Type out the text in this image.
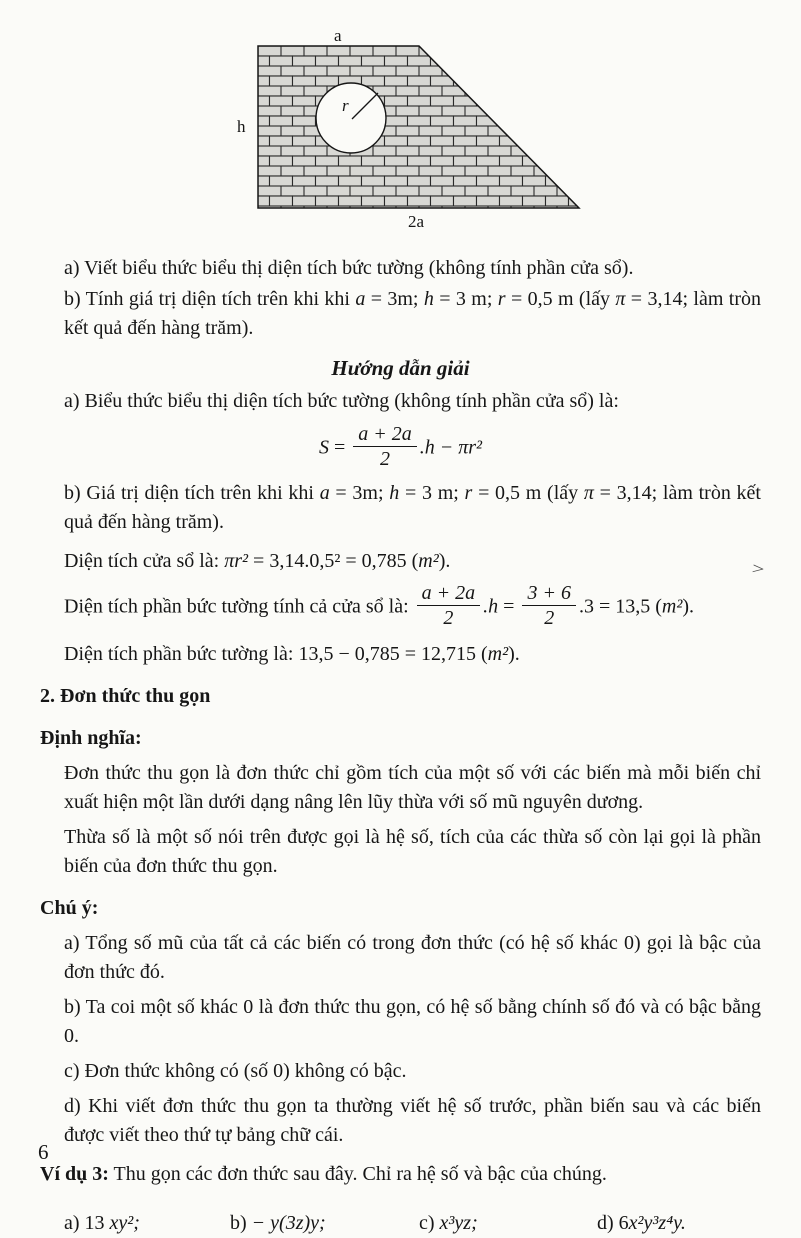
r
a
h
2a

a) Viết biểu thức biểu thị diện tích bức tường (không tính phần cửa sổ).

b) Tính giá trị diện tích trên khi khi a = 3m; h = 3 m; r = 0,5 m (lấy π = 3,14; làm tròn kết quả đến hàng trăm).

Hướng dẫn giải

a) Biểu thức biểu thị diện tích bức tường (không tính phần cửa sổ) là:

$S = \frac{a + 2a}{2} .h - \pi r^2$

b) Giá trị diện tích trên khi khi a = 3m; h = 3 m; r = 0,5 m (lấy π = 3,14; làm tròn kết quả đến hàng trăm).

Diện tích cửa sổ là: πr² = 3,14.0,5² = 0,785 (m²).

Diện tích phần bức tường tính cả cửa sổ là: $\frac{a + 2a}{2} .h = \frac{3 + 6}{2} .3 = 13,5$ (m²).

Diện tích phần bức tường là: 13,5 − 0,785 = 12,715 (m²).

2. Đơn thức thu gọn
Định nghĩa:

Đơn thức thu gọn là đơn thức chỉ gồm tích của một số với các biến mà mỗi biến chỉ xuất hiện một lần dưới dạng nâng lên lũy thừa với số mũ nguyên dương.

Thừa số là một số nói trên được gọi là hệ số, tích của các thừa số còn lại gọi là phần biến của đơn thức thu gọn.

Chú ý:

a) Tổng số mũ của tất cả các biến có trong đơn thức (có hệ số khác 0) gọi là bậc của đơn thức đó.

b) Ta coi một số khác 0 là đơn thức thu gọn, có hệ số bằng chính số đó và có bậc bằng 0.

c) Đơn thức không có (số 0) không có bậc.

d) Khi viết đơn thức thu gọn ta thường viết hệ số trước, phần biến sau và các biến được viết theo thứ tự bảng chữ cái.

Ví dụ 3: Thu gọn các đơn thức sau đây. Chỉ ra hệ số và bậc của chúng.

a) 13 xy²;	b) − y(3z)y;	c) x³yz;	d) 6x²y³z⁴y.

>
6
